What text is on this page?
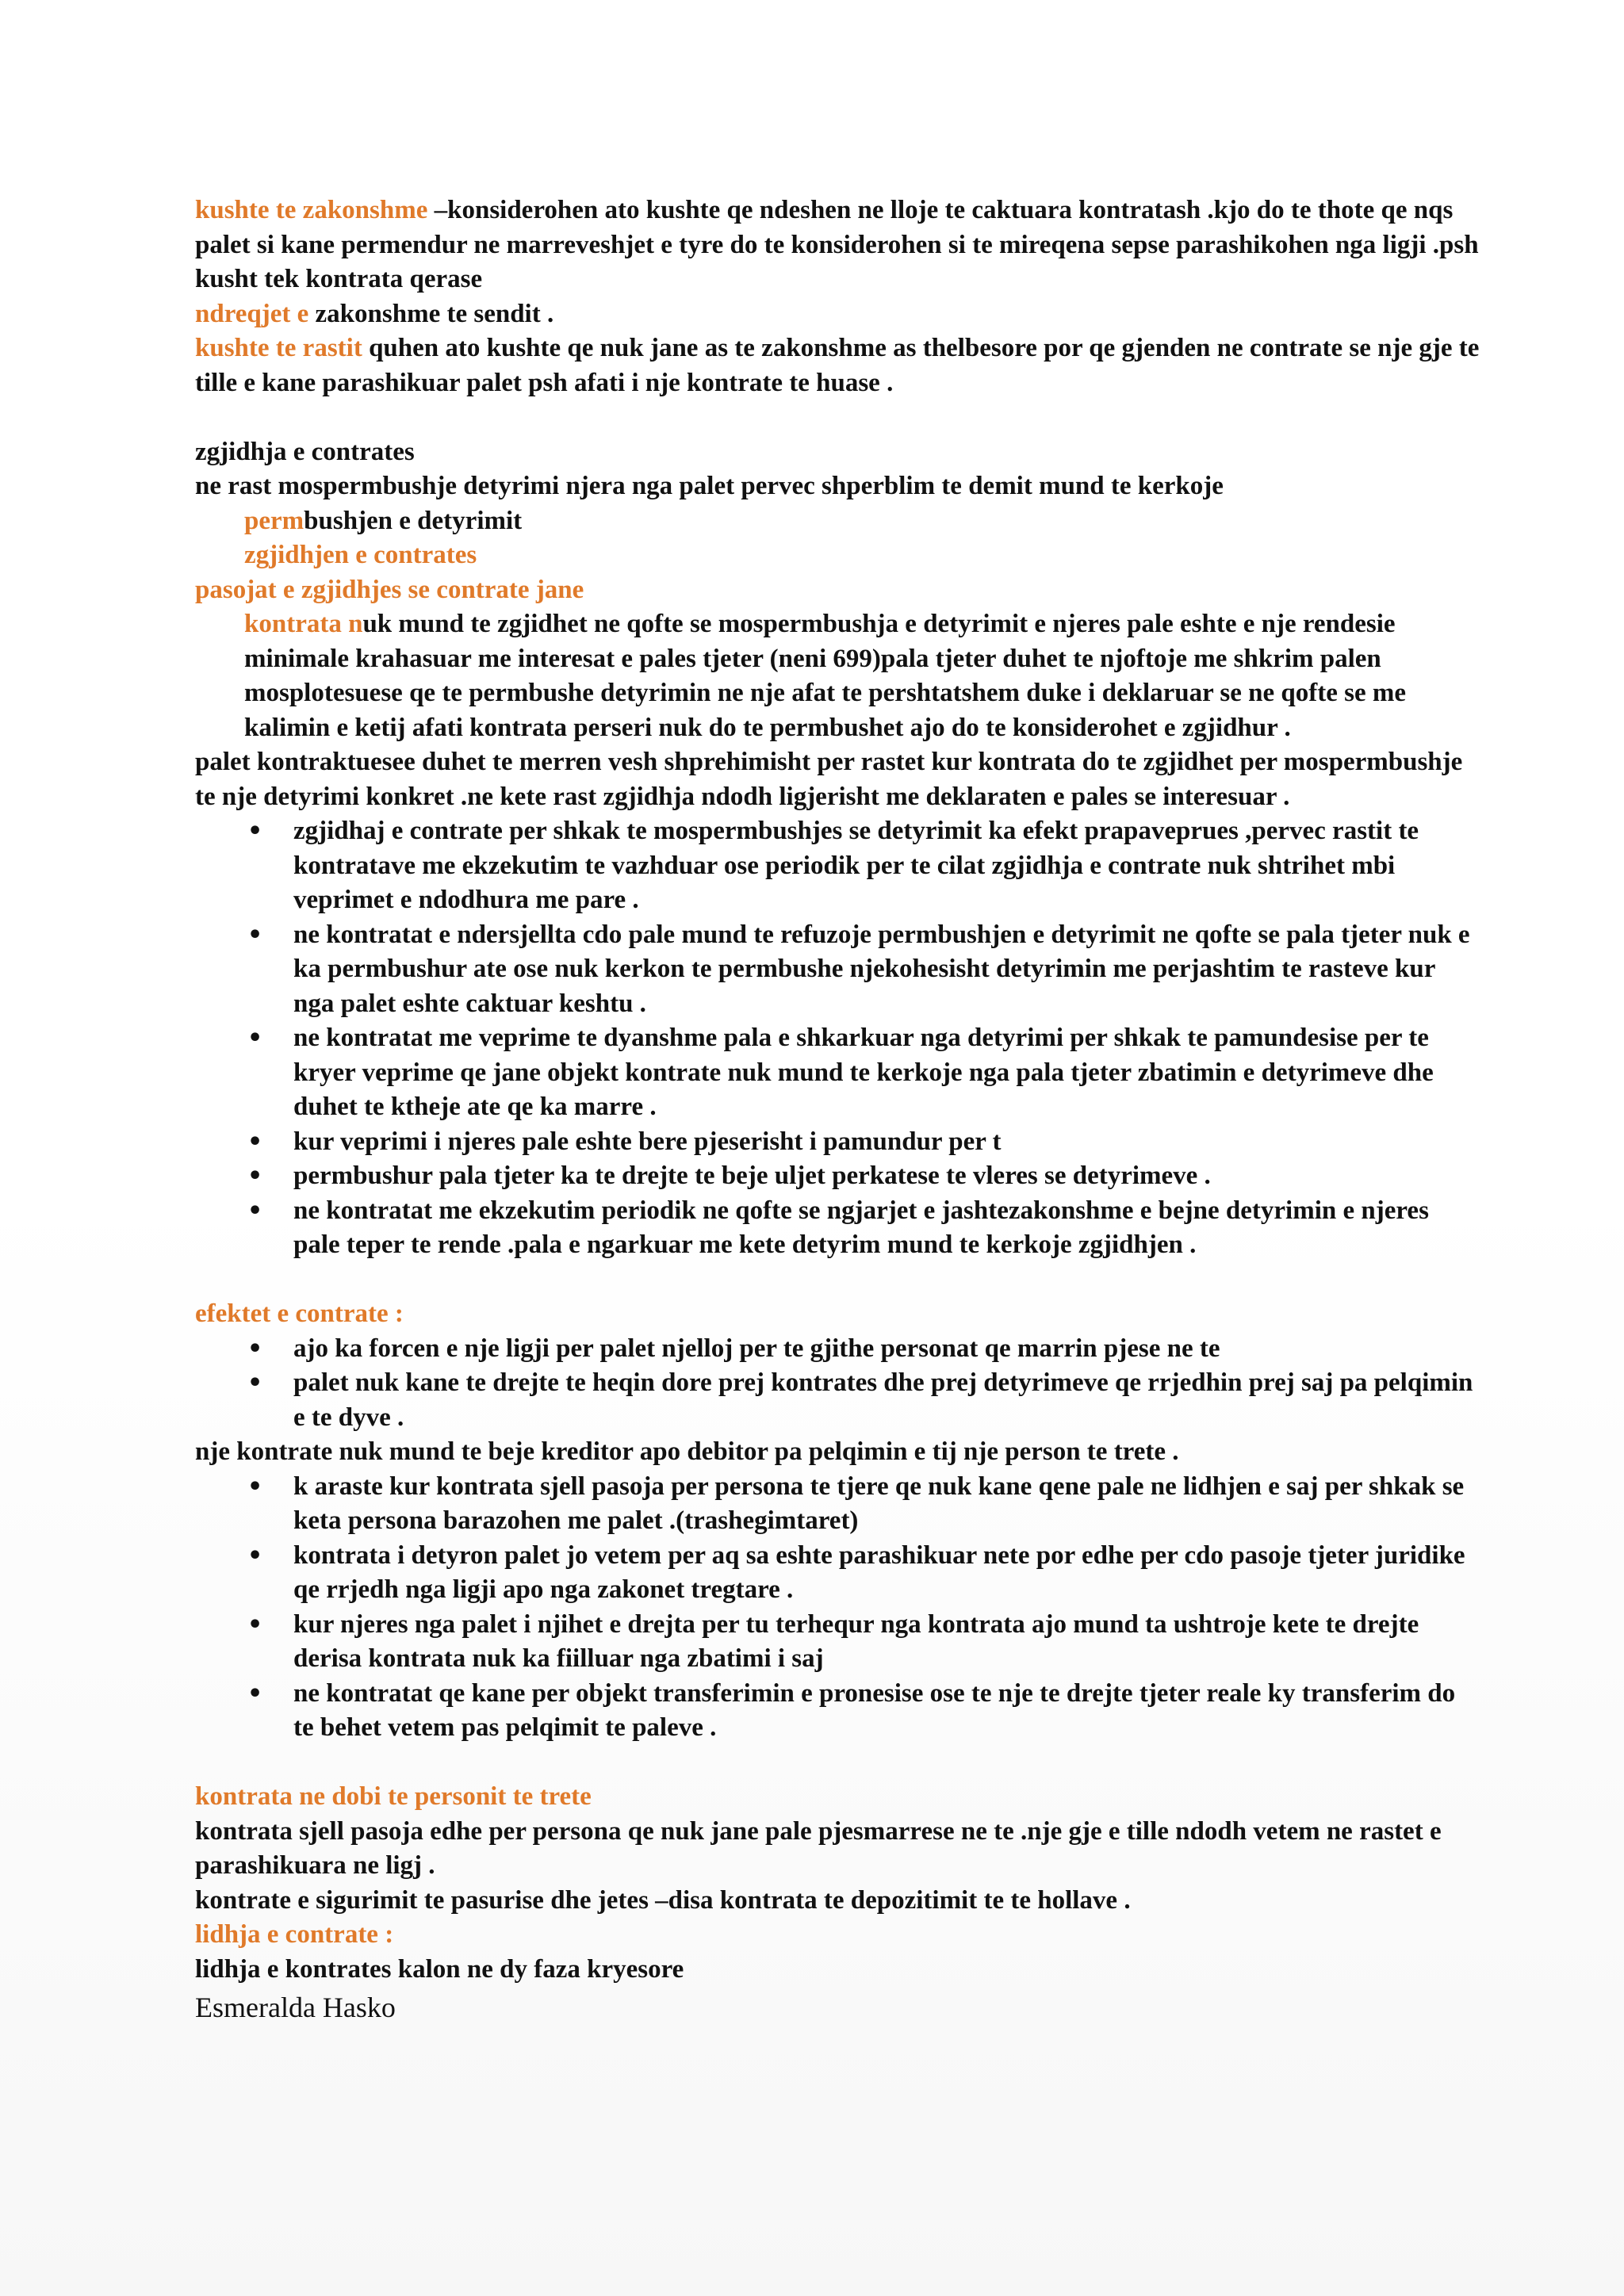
kushte te zakonshme –konsiderohen ato kushte qe ndeshen ne lloje te caktuara kontratash .kjo do te thote qe nqs palet si kane permendur ne marreveshjet e tyre do te konsiderohen si te mireqena sepse parashikohen nga ligji .psh kusht tek kontrata qerase

ndreqjet e zakonshme te sendit .

kushte te rastit quhen ato kushte qe nuk jane as te zakonshme as thelbesore por qe gjenden ne contrate se nje gje te tille e kane parashikuar palet psh afati i nje kontrate te huase .

zgjidhja e contrates

ne rast mospermbushje detyrimi njera nga palet pervec shperblim te demit mund te kerkoje

permbushjen e detyrimit

zgjidhjen e contrates

pasojat e zgjidhjes se contrate jane

kontrata nuk mund te zgjidhet ne qofte se mospermbushja e detyrimit e njeres pale eshte e nje rendesie minimale krahasuar me interesat e pales tjeter (neni 699)pala tjeter duhet te njoftoje me shkrim palen mosplotesuese qe te permbushe detyrimin ne nje afat te pershtatshem duke i deklaruar se ne qofte se me kalimin e ketij afati kontrata perseri nuk do te permbushet ajo do te konsiderohet e zgjidhur .

palet kontraktuesee duhet te merren vesh shprehimisht per rastet kur kontrata do te zgjidhet per mospermbushje te nje detyrimi konkret .ne kete rast zgjidhja ndodh ligjerisht me deklaraten e pales se interesuar .

• zgjidhaj e contrate per shkak te mospermbushjes se detyrimit ka efekt prapaveprues ,pervec rastit te kontratave me ekzekutim te vazhduar ose periodik per te cilat zgjidhja e contrate nuk shtrihet mbi veprimet e ndodhura me pare .
• ne kontratat e ndersjellta cdo pale mund te refuzoje permbushjen e detyrimit ne qofte se pala tjeter nuk e ka permbushur ate ose nuk kerkon te permbushe njekohesisht detyrimin me perjashtim te rasteve kur nga palet eshte caktuar keshtu .
• ne kontratat me veprime te dyanshme pala e shkarkuar nga detyrimi per shkak te pamundesise per te kryer veprime qe jane objekt kontrate nuk mund te kerkoje nga pala tjeter zbatimin e detyrimeve dhe duhet te ktheje ate qe ka marre .
• kur veprimi i njeres pale eshte bere pjeserisht i pamundur per t
• permbushur pala tjeter ka te drejte te beje uljet perkatese te vleres se detyrimeve .
• ne kontratat me ekzekutim periodik ne qofte se ngjarjet e jashtezakonshme e bejne detyrimin e njeres pale teper te rende .pala e ngarkuar me kete detyrim mund te kerkoje zgjidhjen .

efektet e contrate :

• ajo ka forcen e nje ligji per palet njelloj per te gjithe personat qe marrin pjese ne te
• palet nuk kane te drejte te heqin dore prej kontrates dhe prej detyrimeve qe rrjedhin prej saj pa pelqimin e te dyve .

nje kontrate nuk mund te beje kreditor apo debitor pa pelqimin e tij nje person te trete .

• k araste kur kontrata sjell pasoja per persona te tjere qe nuk kane qene pale ne lidhjen e saj per shkak se keta persona barazohen me palet .(trashegimtaret)
• kontrata i detyron palet jo vetem per aq sa eshte parashikuar nete por edhe per cdo pasoje tjeter juridike qe rrjedh nga ligji apo nga zakonet tregtare .
• kur njeres nga palet i njihet e drejta per tu terhequr nga kontrata ajo mund ta ushtroje kete te drejte derisa kontrata nuk ka fiilluar nga zbatimi i saj
• ne kontratat qe kane per objekt transferimin e pronesise ose te nje te drejte tjeter reale ky transferim do te behet vetem pas pelqimit te paleve .

kontrata ne dobi te personit te trete

kontrata sjell pasoja edhe per persona qe nuk jane pale pjesmarrese ne te .nje gje e tille ndodh vetem ne rastet e parashikuara ne ligj .

kontrate e sigurimit te pasurise dhe jetes –disa kontrata te depozitimit te te hollave .

lidhja e contrate :

lidhja e kontrates kalon ne dy faza kryesore

Esmeralda Hasko
